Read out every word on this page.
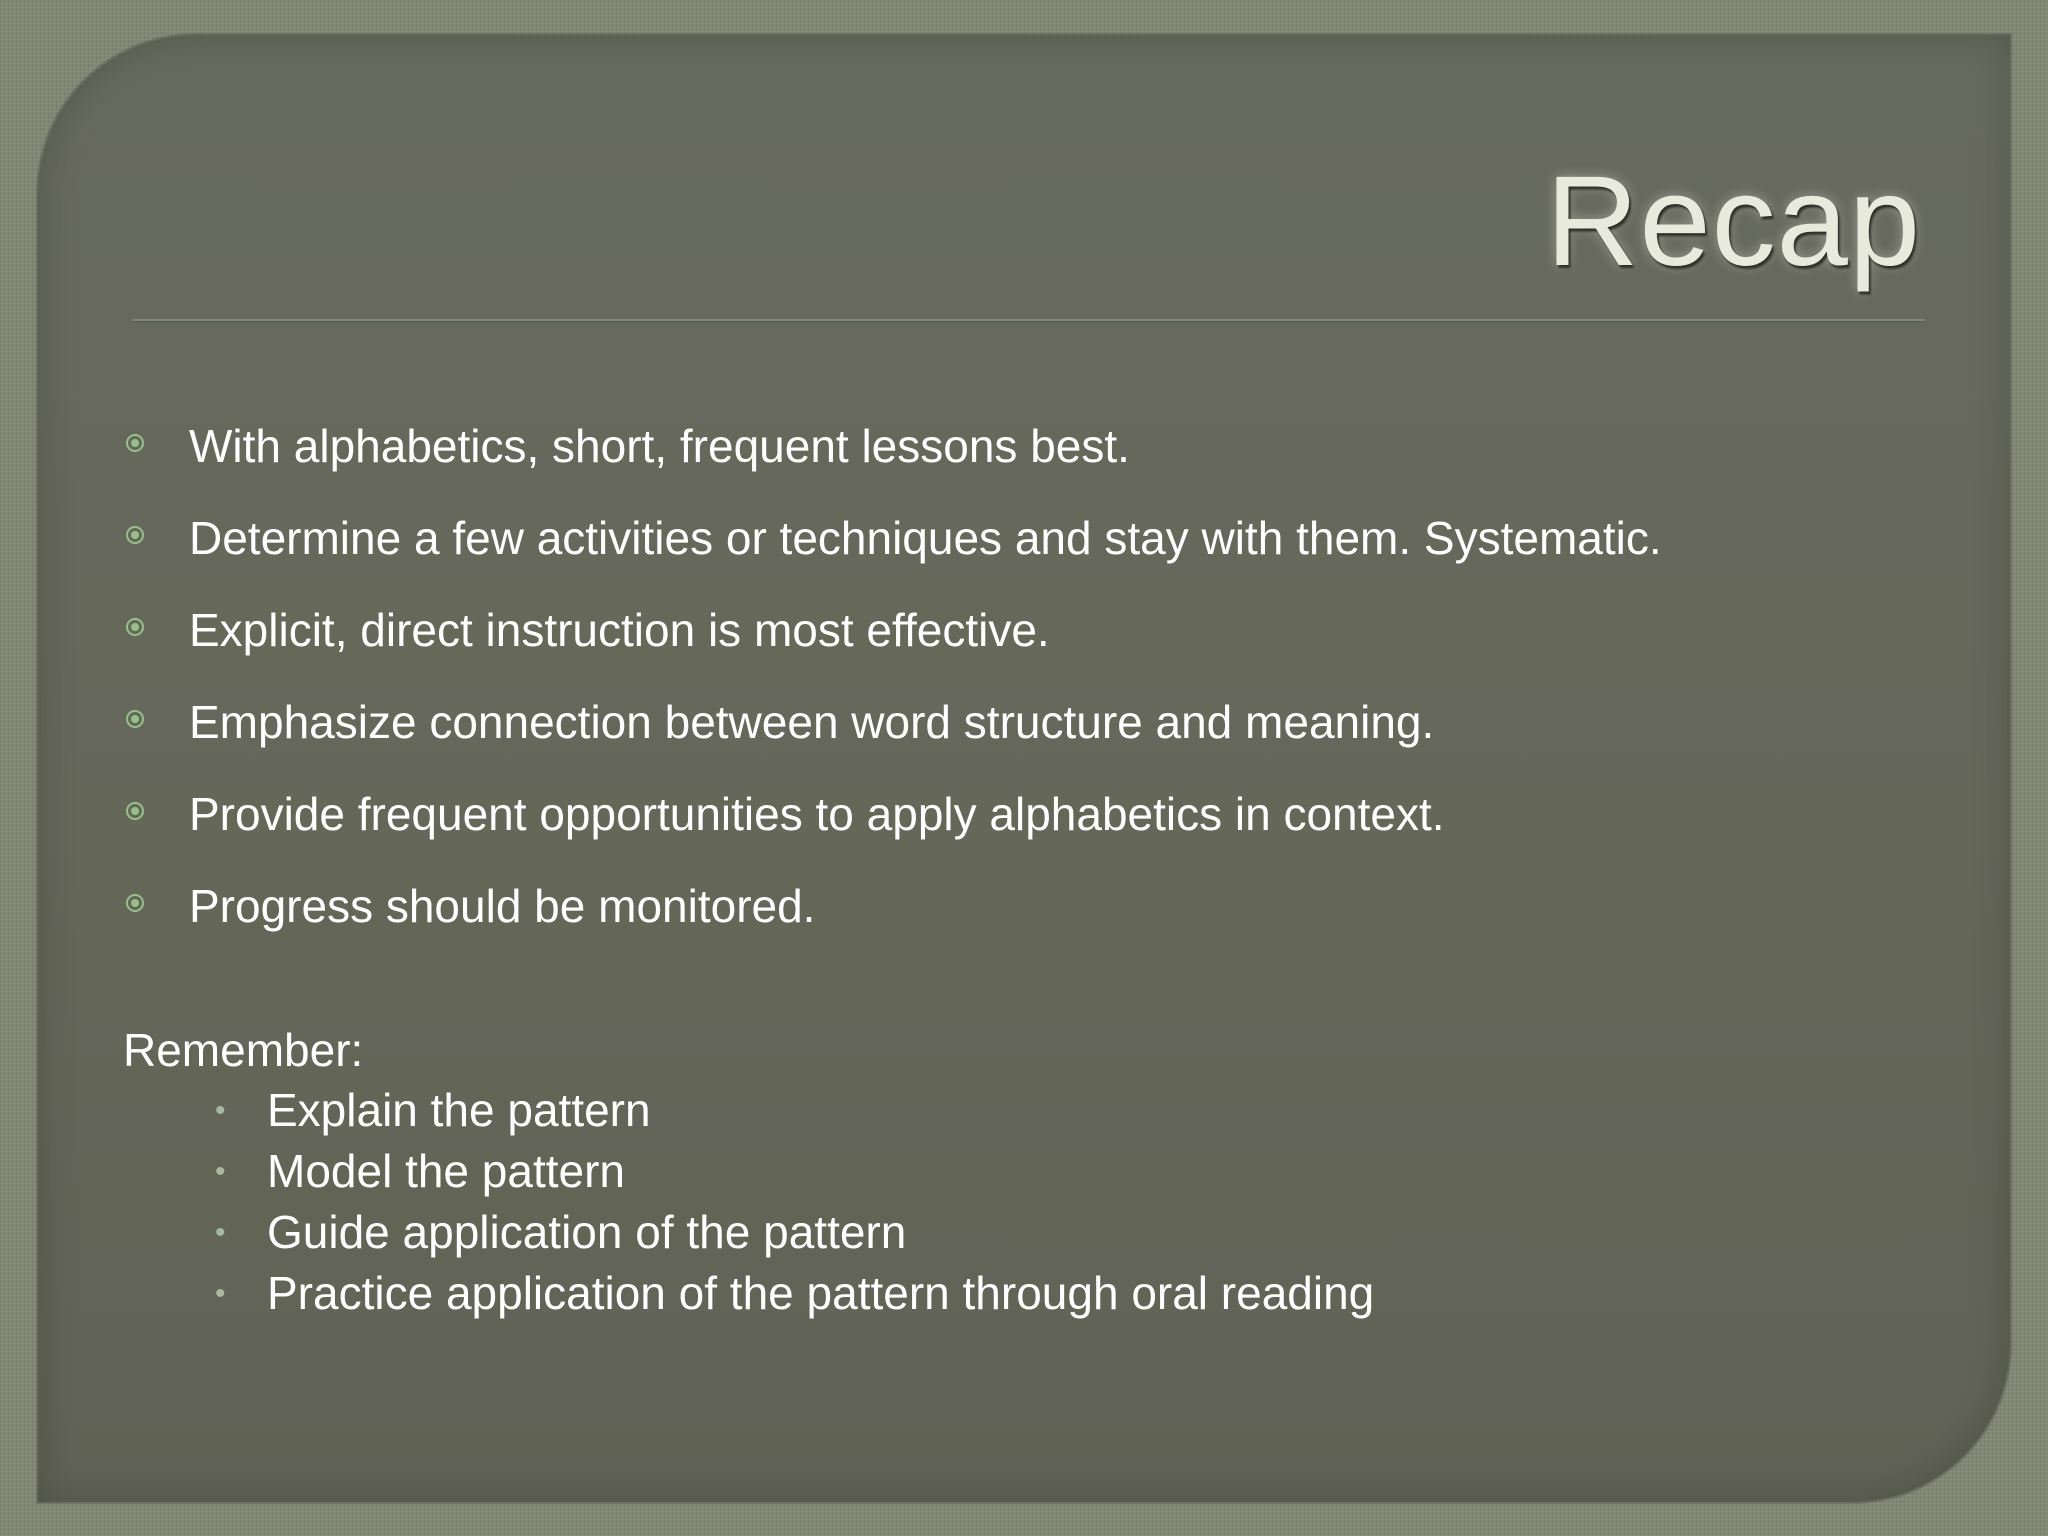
Recap
With alphabetics, short, frequent lessons best.
Determine a few activities or techniques and stay with them. Systematic.
Explicit, direct instruction is most effective.
Emphasize connection between word structure and meaning.
Provide frequent opportunities to apply alphabetics in context.
Progress should be monitored.
Remember:
• Explain the pattern
• Model the pattern
• Guide application of the pattern
• Practice application of the pattern through oral reading
